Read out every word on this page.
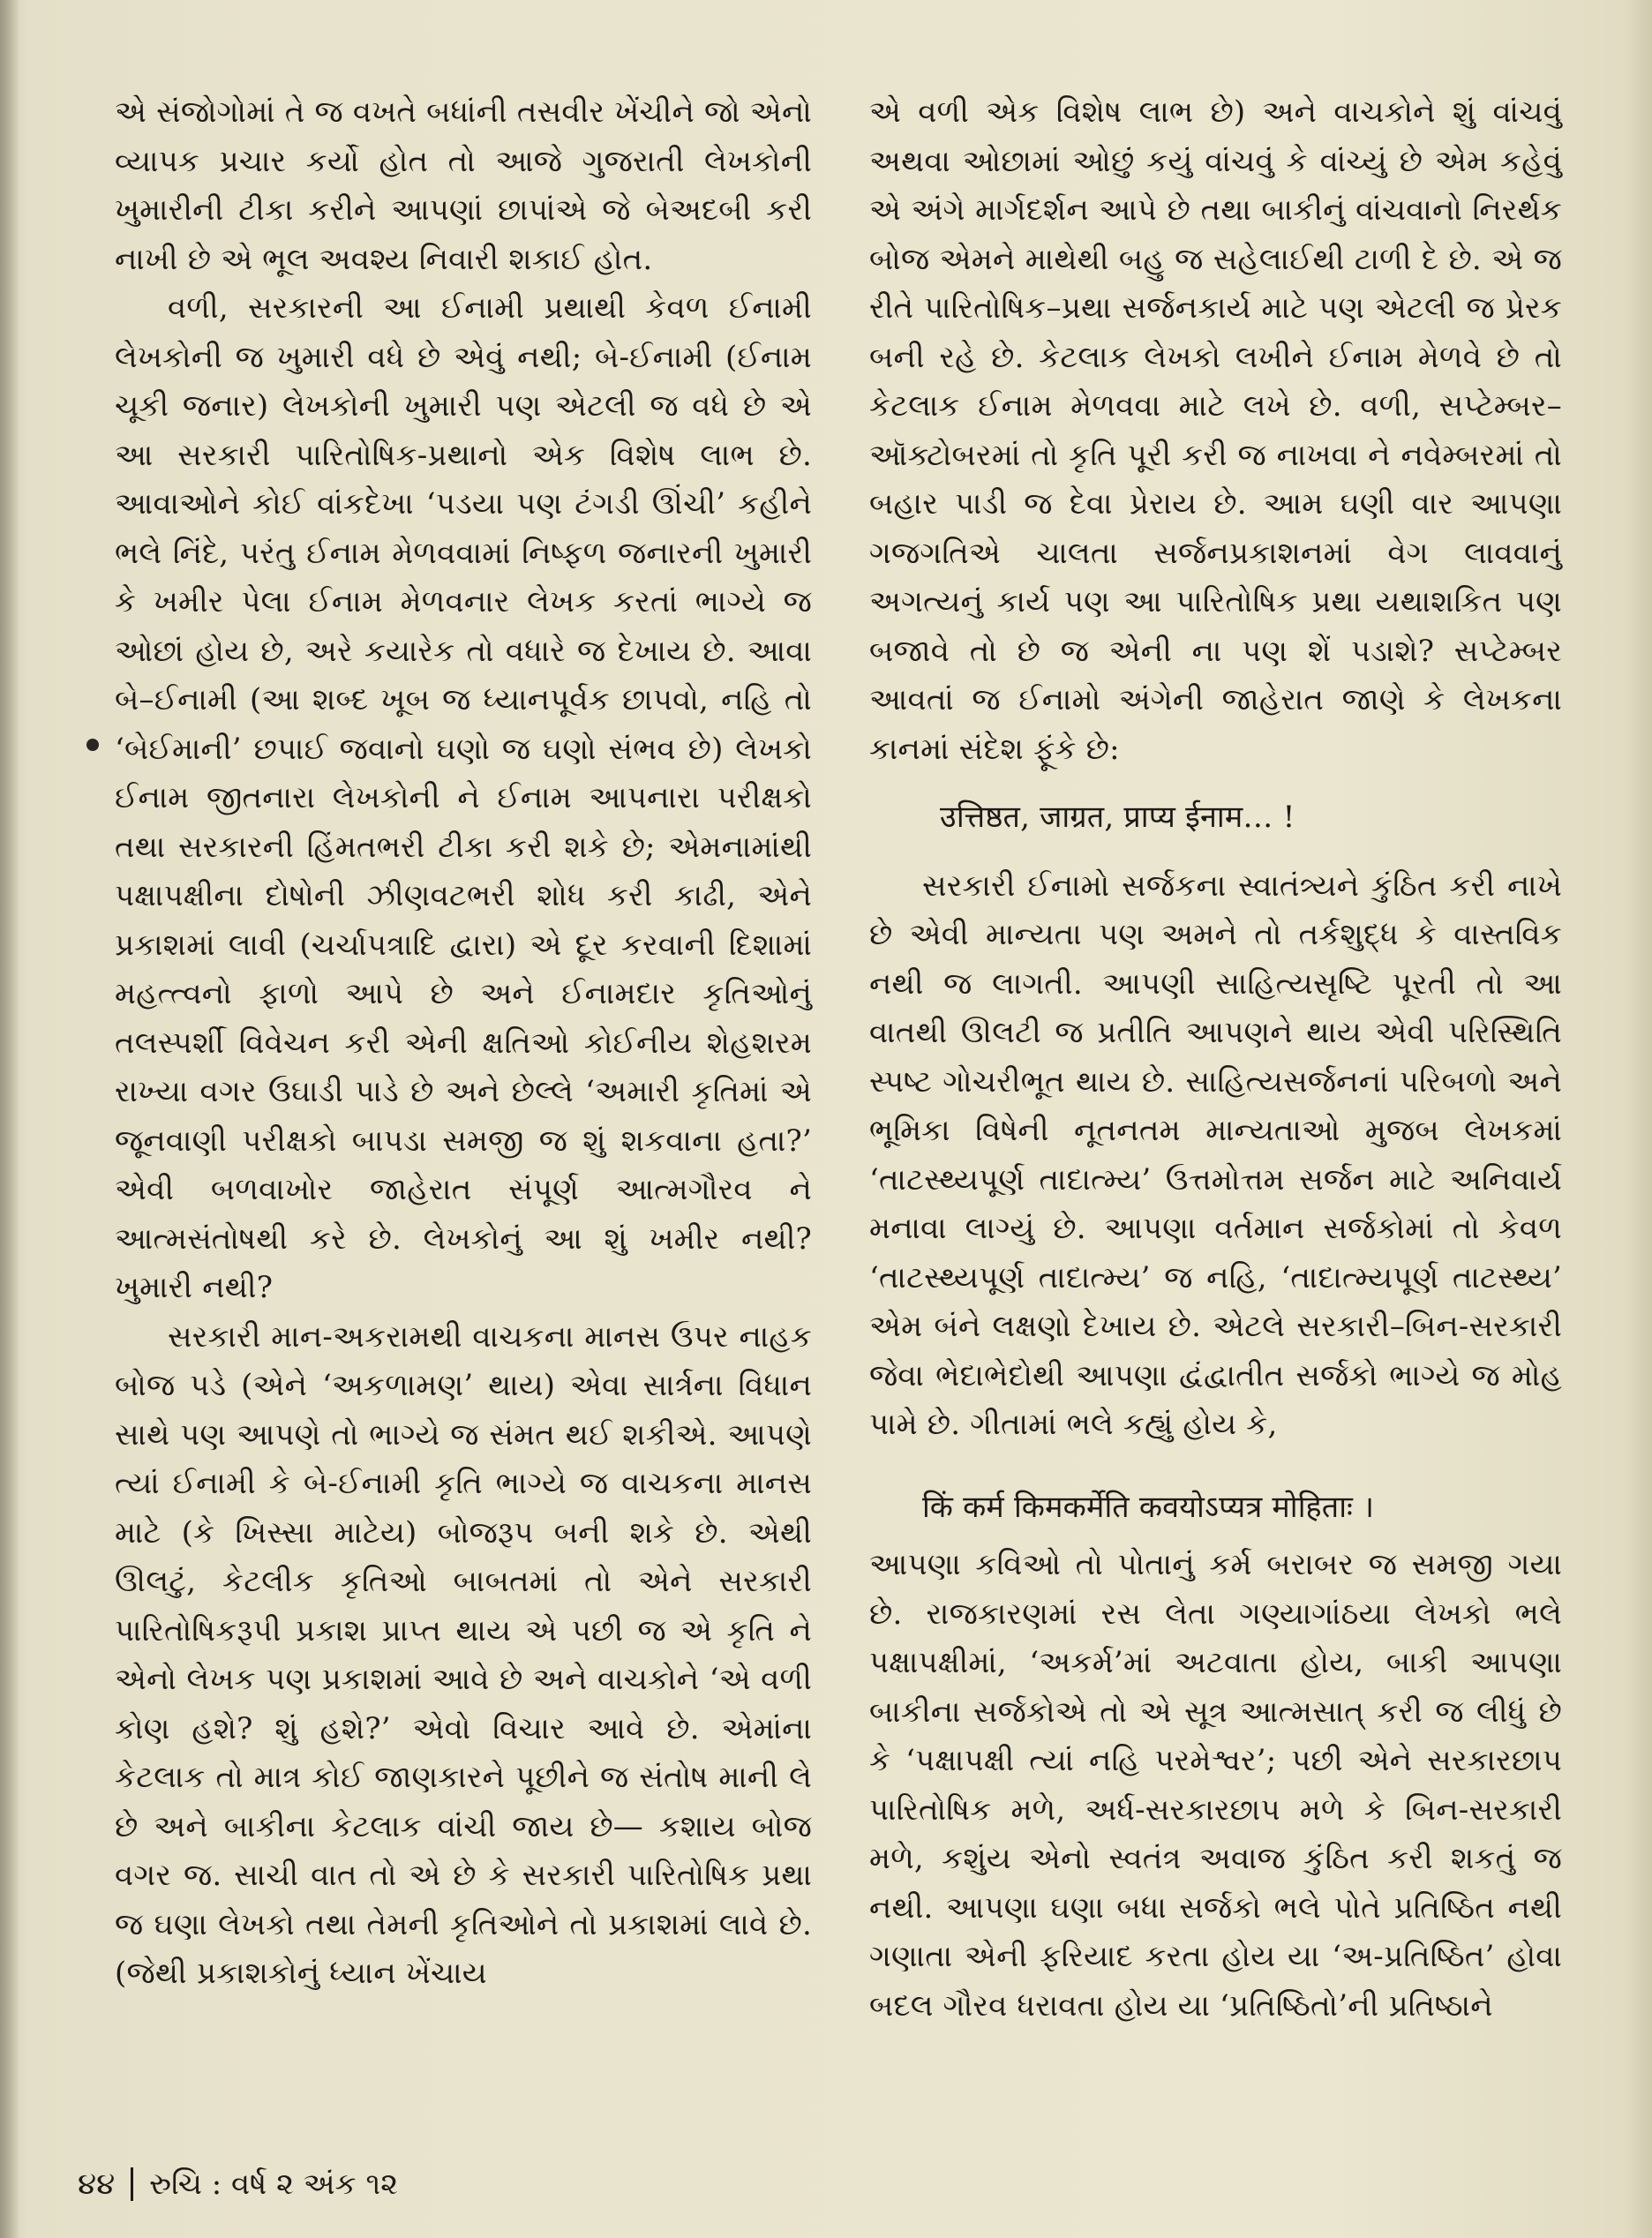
એ સંજોગોમાં તે જ વખતે બધાંની તસવીર ખેંચીને જો એનો વ્યાપક પ્રચાર કર્યો હોત તો આજે ગુજરાતી લેખકોની ખુમારીની ટીકા કરીને આપણાં છાપાંએ જે બેઅદબી કરી નાખી છે એ ભૂલ અવશ્ય નિવારી શકાઈ હોત.

વળી, સરકારની આ ઈનામી પ્રથાથી કેવળ ઈનામી લેખકોની જ ખુમારી વધે છે એવું નથી; બે-ઈનામી (ઈનામ ચૂકી જનાર) લેખકોની ખુમારી પણ એટલી જ વધે છે એ આ સરકારી પારિતોષિક-પ્રથાનો એક વિશેષ લાભ છે. આવાઓને કોઈ વાંકદેખા ‘પડયા પણ ટંગડી ઊંચી’ કહીને ભલે નિંદે, પરંતુ ઈનામ મેળવવામાં નિષ્ફળ જનારની ખુમારી કે ખમીર પેલા ઈનામ મેળવનાર લેખક કરતાં ભાગ્યે જ ઓછાં હોય છે, અરે કયારેક તો વધારે જ દેખાય છે. આવા બે–ઈનામી (આ શબ્દ ખૂબ જ ધ્યાનપૂર્વક છાપવો, નહિ તો ‘બેઈમાની’ છપાઈ જવાનો ઘણો જ ઘણો સંભવ છે) લેખકો ઈનામ જીતનારા લેખકોની ને ઈનામ આપનારા પરીક્ષકો તથા સરકારની હિંમતભરી ટીકા કરી શકે છે; એમનામાંથી પક્ષાપક્ષીના દોષોની ઝીણવટભરી શોધ કરી કાઢી, એને પ્રકાશમાં લાવી (ચર્ચાપત્રાદિ દ્વારા) એ દૂર કરવાની દિશામાં મહત્ત્વનો ફાળો આપે છે અને ઈનામદાર કૃતિઓનું તલસ્પર્શી વિવેચન કરી એની ક્ષતિઓ કોઈનીય શેહશરમ રાખ્યા વગર ઉઘાડી પાડે છે અને છેલ્લે ‘અમારી કૃતિમાં એ જૂનવાણી પરીક્ષકો બાપડા સમજી જ શું શકવાના હતા?’ એવી બળવાખોર જાહેરાત સંપૂર્ણ આત્મગૌરવ ને આત્મસંતોષથી કરે છે. લેખકોનું આ શું ખમીર નથી? ખુમારી નથી?

સરકારી માન-અકરામથી વાચકના માનસ ઉપર નાહક બોજ પડે (એને ‘અકળામણ’ થાય) એવા સાર્ત્રના વિધાન સાથે પણ આપણે તો ભાગ્યે જ સંમત થઈ શકીએ. આપણે ત્યાં ઈનામી કે બે-ઈનામી કૃતિ ભાગ્યે જ વાચકના માનસ માટે (કે ખિસ્સા માટેય) બોજરૂપ બની શકે છે. એથી ઊલટું, કેટલીક કૃતિઓ બાબતમાં તો એને સરકારી પારિતોષિકરૂપી પ્રકાશ પ્રાપ્ત થાય એ પછી જ એ કૃતિ ને એનો લેખક પણ પ્રકાશમાં આવે છે અને વાચકોને ‘એ વળી કોણ હશે? શું હશે?’ એવો વિચાર આવે છે. એમાંના કેટલાક તો માત્ર કોઈ જાણકારને પૂછીને જ સંતોષ માની લે છે અને બાકીના કેટલાક વાંચી જાય છે— કશાય બોજ વગર જ. સાચી વાત તો એ છે કે સરકારી પારિતોષિક પ્રથા જ ઘણા લેખકો તથા તેમની કૃતિઓને તો પ્રકાશમાં લાવે છે. (જેથી પ્રકાશકોનું ધ્યાન ખેંચાય

એ વળી એક વિશેષ લાભ છે) અને વાચકોને શું વાંચવું અથવા ઓછામાં ઓછું કયું વાંચવું કે વાંચ્યું છે એમ કહેવું એ અંગે માર્ગદર્શન આપે છે તથા બાકીનું વાંચવાનો નિરર્થક બોજ એમને માથેથી બહુ જ સહેલાઈથી ટાળી દે છે. એ જ રીતે પારિતોષિક–પ્રથા સર્જનકાર્ય માટે પણ એટલી જ પ્રેરક બની રહે છે. કેટલાક લેખકો લખીને ઈનામ મેળવે છે તો કેટલાક ઈનામ મેળવવા માટે લખે છે. વળી, સપ્ટેમ્બર–ઑક્ટોબરમાં તો કૃતિ પૂરી કરી જ નાખવા ને નવેમ્બરમાં તો બહાર પાડી જ દેવા પ્રેરાય છે. આમ ઘણી વાર આપણા ગજગતિએ ચાલતા સર્જનપ્રકાશનમાં વેગ લાવવાનું અગત્યનું કાર્ય પણ આ પારિતોષિક પ્રથા યથાશકિત પણ બજાવે તો છે જ એની ના પણ શેં પડાશે? સપ્ટેમ્બર આવતાં જ ઈનામો અંગેની જાહેરાત જાણે કે લેખકના કાનમાં સંદેશ ફૂંકે છે:

उत्तिष्ठत, जाग्रत, प्राप्य ईनाम… !

સરકારી ઈનામો સર્જકના સ્વાતંત્ર્યને કુંઠિત કરી નાખે છે એવી માન્યતા પણ અમને તો તર્કશુદ્ધ કે વાસ્તવિક નથી જ લાગતી. આપણી સાહિત્યસૃષ્ટિ પૂરતી તો આ વાતથી ઊલટી જ પ્રતીતિ આપણને થાય એવી પરિસ્થિતિ સ્પષ્ટ ગોચરીભૂત થાય છે. સાહિત્યસર્જનનાં પરિબળો અને ભૂમિકા વિષેની નૂતનતમ માન્યતાઓ મુજબ લેખકમાં ‘તાટસ્થ્યપૂર્ણ તાદાત્મ્ય’ ઉત્તમોત્તમ સર્જન માટે અનિવાર્ય મનાવા લાગ્યું છે. આપણા વર્તમાન સર્જકોમાં તો કેવળ ‘તાટસ્થ્યપૂર્ણ તાદાત્મ્ય’ જ નહિ, ‘તાદાત્મ્યપૂર્ણ તાટસ્થ્ય’ એમ બંને લક્ષણો દેખાય છે. એટલે સરકારી–બિન-સરકારી જેવા ભેદાભેદોથી આપણા દ્વંદ્વાતીત સર્જકો ભાગ્યે જ મોહ પામે છે. ગીતામાં ભલે કહ્યું હોય કે,

किं कर्म किमकर्मेति कवयोऽप्यत्र मोहिताः ।

આપણા કવિઓ તો પોતાનું કર્મ બરાબર જ સમજી ગયા છે. રાજકારણમાં રસ લેતા ગણ્યાગાંઠયા લેખકો ભલે પક્ષાપક્ષીમાં, ‘અકર્મ’માં અટવાતા હોય, બાકી આપણા બાકીના સર્જકોએ તો એ સૂત્ર આત્મસાત્ કરી જ લીધું છે કે ‘પક્ષાપક્ષી ત્યાં નહિ પરમેશ્વર’; પછી એને સરકારછાપ પારિતોષિક મળે, અર્ધ-સરકારછાપ મળે કે બિન-સરકારી મળે, કશુંય એનો સ્વતંત્ર અવાજ કુંઠિત કરી શકતું જ નથી. આપણા ઘણા બધા સર્જકો ભલે પોતે પ્રતિષ્ઠિત નથી ગણાતા એની ફરિયાદ કરતા હોય યા ‘અ-પ્રતિષ્ઠિત’ હોવા બદલ ગૌરવ ધરાવતા હોય યા ‘પ્રતિષ્ઠિતો’ની પ્રતિષ્ઠાને

૪૪ રુચિ : વર્ષ ૨ અંક ૧૨
